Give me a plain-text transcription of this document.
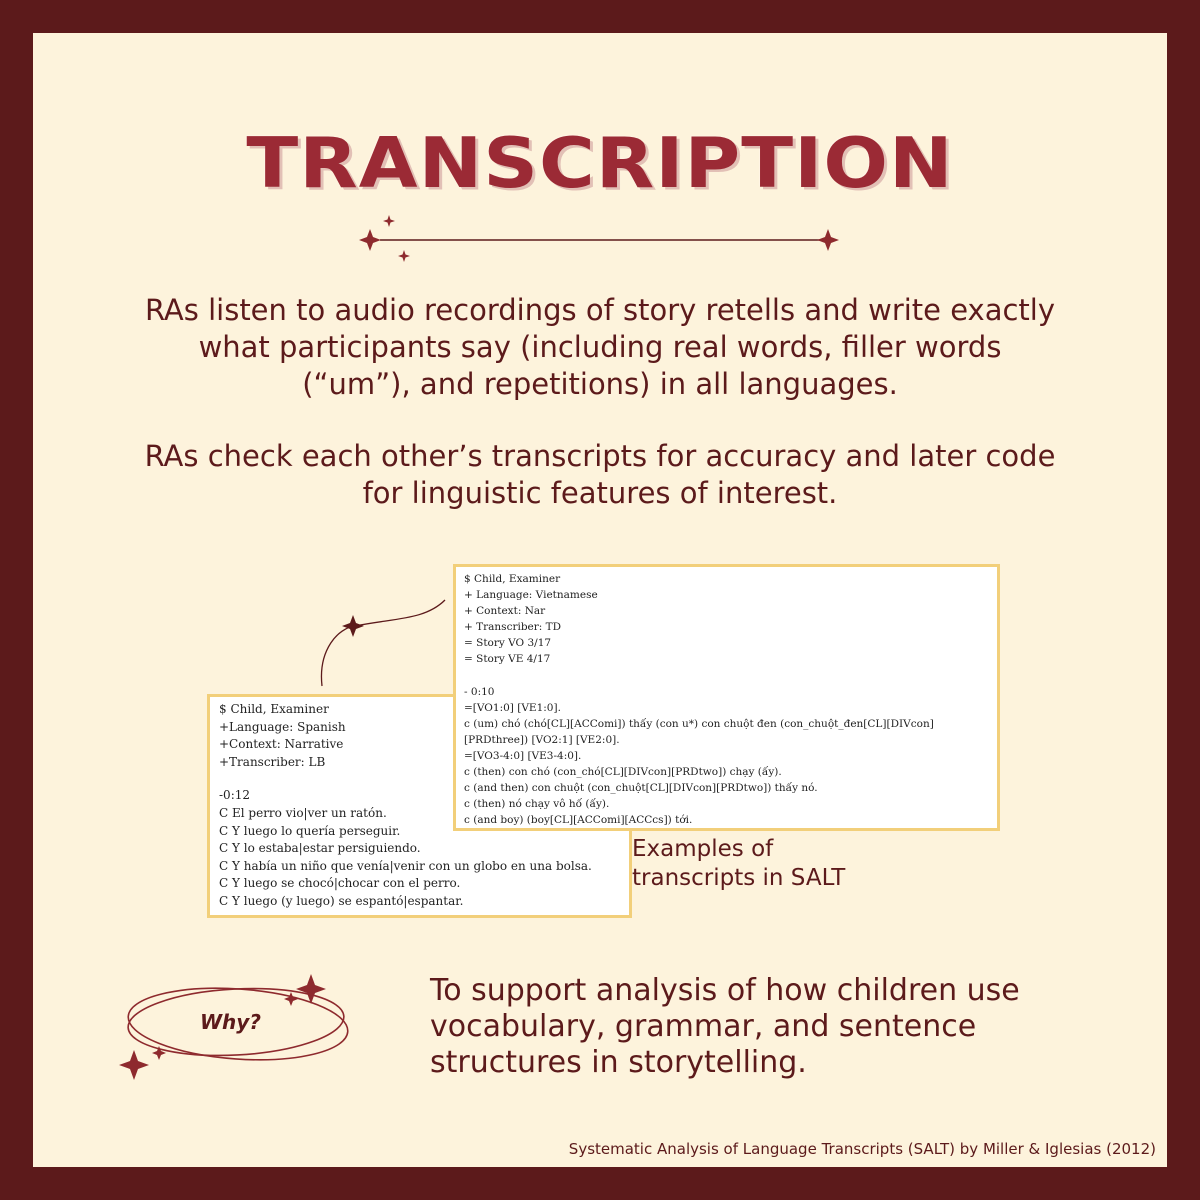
TRANSCRIPTION
RAs listen to audio recordings of story retells and write exactly what participants say (including real words, filler words (“um”), and repetitions) in all languages.
RAs check each other’s transcripts for accuracy and later code for linguistic features of interest.
$ Child, Examiner
+Language: Spanish
+Context: Narrative
+Transcriber: LB
-0:12
C El perro vio|ver un ratón.
C Y luego lo quería perseguir.
C Y lo estaba|estar persiguiendo.
C Y había un niño que venía|venir con un globo en una bolsa.
C Y luego se chocó|chocar con el perro.
C Y luego (y luego) se espantó|espantar.
$ Child, Examiner
+ Language: Vietnamese
+ Context: Nar
+ Transcriber: TD
= Story VO 3/17
= Story VE 4/17
- 0:10
=[VO1:0] [VE1:0].
c (um) chó (chó[CL][ACComi]) thấy (con u*) con chuột đen (con_chuột_đen[CL][DIVcon]
[PRDthree]) [VO2:1] [VE2:0].
=[VO3-4:0] [VE3-4:0].
c (then) con chó (con_chó[CL][DIVcon][PRDtwo]) chạy (ấy).
c (and then) con chuột (con_chuột[CL][DIVcon][PRDtwo]) thấy nó.
c (then) nó chạy vô hố (ấy).
c (and boy) (boy[CL][ACComi][ACCcs]) tới.
Examples of transcripts in SALT
Why?
To support analysis of how children use vocabulary, grammar, and sentence structures in storytelling.
Systematic Analysis of Language Transcripts (SALT) by Miller & Iglesias (2012)
